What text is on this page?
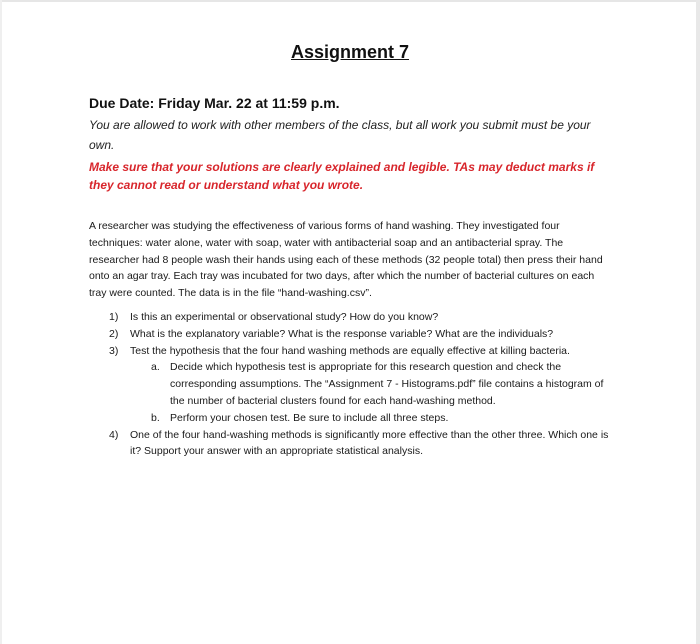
Assignment 7
Due Date: Friday Mar. 22 at 11:59 p.m.
You are allowed to work with other members of the class, but all work you submit must be your own.
Make sure that your solutions are clearly explained and legible. TAs may deduct marks if they cannot read or understand what you wrote.
A researcher was studying the effectiveness of various forms of hand washing. They investigated four techniques: water alone, water with soap, water with antibacterial soap and an antibacterial spray. The researcher had 8 people wash their hands using each of these methods (32 people total) then press their hand onto an agar tray. Each tray was incubated for two days, after which the number of bacterial cultures on each tray were counted. The data is in the file “hand-washing.csv”.
1) Is this an experimental or observational study? How do you know?
2) What is the explanatory variable? What is the response variable? What are the individuals?
3) Test the hypothesis that the four hand washing methods are equally effective at killing bacteria.
a. Decide which hypothesis test is appropriate for this research question and check the corresponding assumptions. The “Assignment 7 - Histograms.pdf” file contains a histogram of the number of bacterial clusters found for each hand-washing method.
b. Perform your chosen test. Be sure to include all three steps.
4) One of the four hand-washing methods is significantly more effective than the other three. Which one is it? Support your answer with an appropriate statistical analysis.
